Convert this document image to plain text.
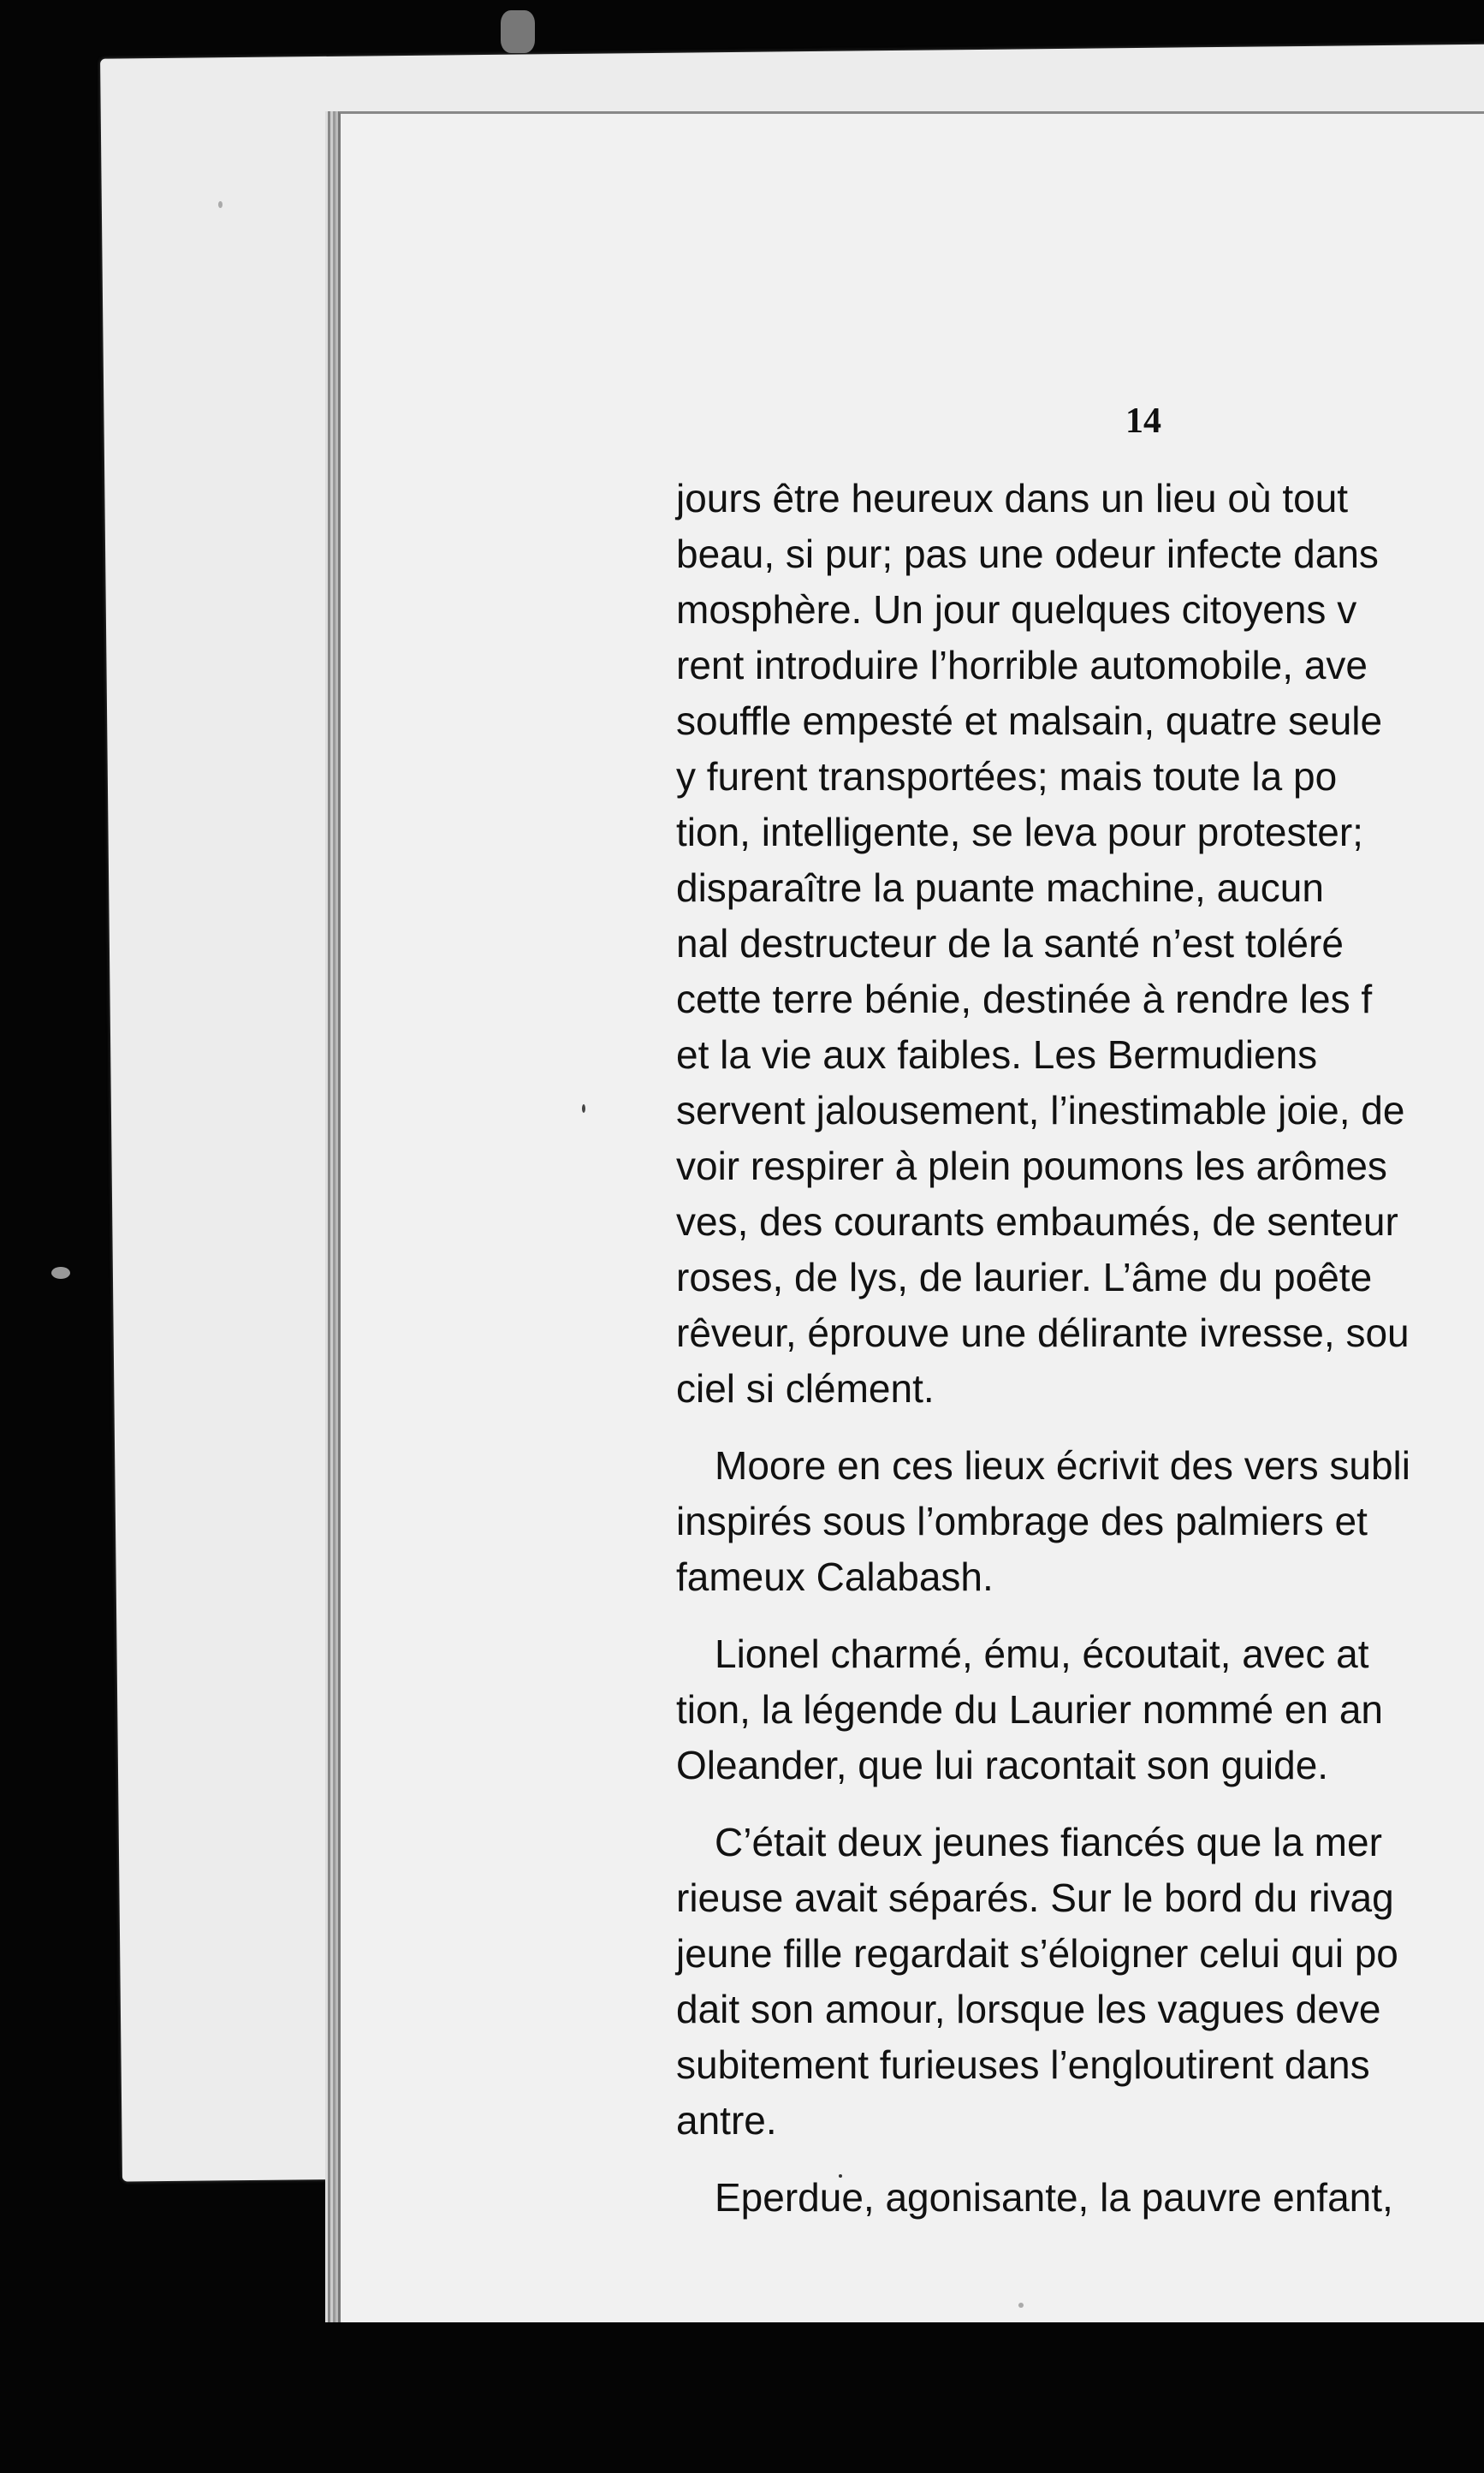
14
jours être heureux dans un lieu où tout
beau, si pur; pas une odeur infecte dans
mosphère. Un jour quelques citoyens v
rent introduire l’horrible automobile, ave
souffle empesté et malsain, quatre seule
y furent transportées; mais toute la po
tion, intelligente, se leva pour protester;
disparaître la puante machine, aucun
nal destructeur de la santé n’est toléré
cette terre bénie, destinée à rendre les f
et la vie aux faibles. Les Bermudiens
servent jalousement, l’inestimable joie, de
voir respirer à plein poumons les arômes
ves, des courants embaumés, de senteur
roses, de lys, de laurier. L’âme du poête
rêveur, éprouve une délirante ivresse, sou
ciel si clément.
Moore en ces lieux écrivit des vers subli
inspirés sous l’ombrage des palmiers et
fameux Calabash.
Lionel charmé, ému, écoutait, avec at
tion, la légende du Laurier nommé en an
Oleander, que lui racontait son guide.
C’était deux jeunes fiancés que la mer
rieuse avait séparés. Sur le bord du rivag
jeune fille regardait s’éloigner celui qui po
dait son amour, lorsque les vagues deve
subitement furieuses l’engloutirent dans
antre.
Eperdue, agonisante, la pauvre enfant,
